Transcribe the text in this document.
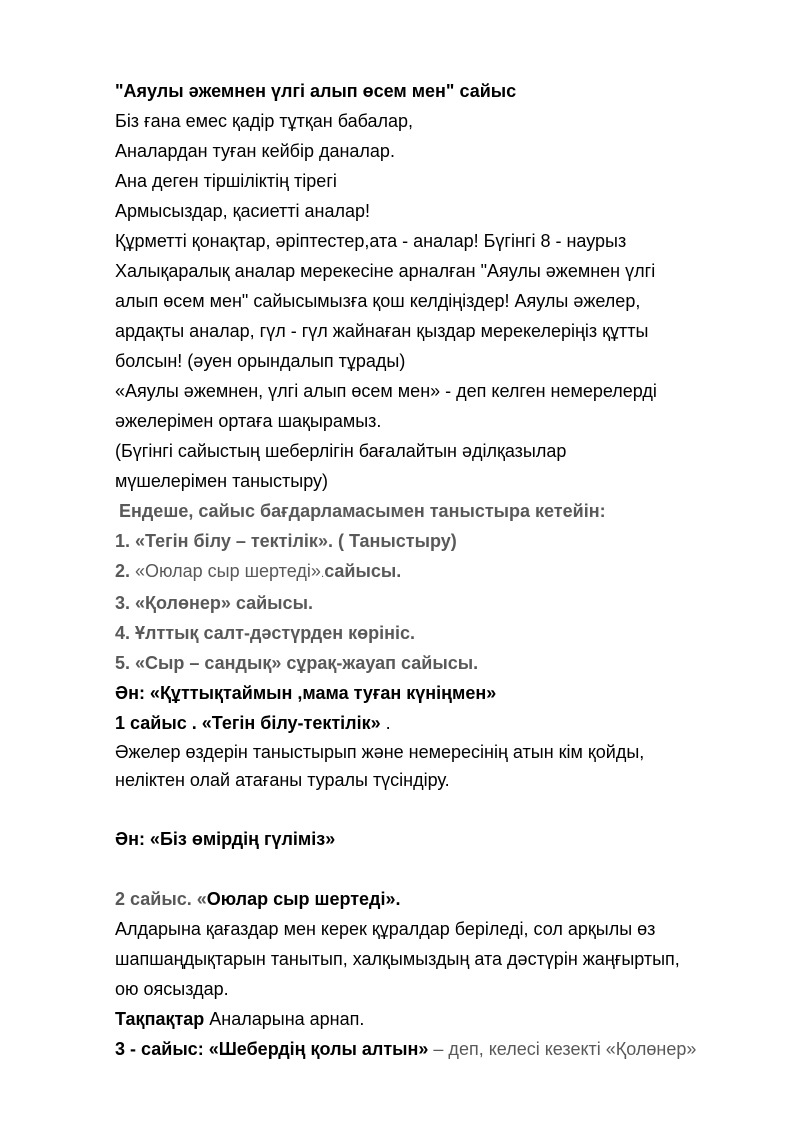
"Аяулы әжемнен үлгі алып өсем мен" сайыс

Біз ғана емес қадір тұтқан бабалар,

Аналардан туған кейбір даналар.

Ана деген тіршіліктің тірегі

Армысыздар, қасиетті аналар!

Құрметті қонақтар, әріптестер,ата - аналар! Бүгінгі 8 - наурыз

Халықаралық аналар мерекесіне арналған "Аяулы әжемнен үлгі

алып өсем мен" сайысымызға қош келдіңіздер! Аяулы әжелер,

ардақты аналар, гүл - гүл жайнаған қыздар мерекелеріңіз құтты

болсын! (әуен орындалып тұрады)

«Аяулы әжемнен, үлгі алып өсем мен» - деп келген немерелерді

әжелерімен ортаға шақырамыз.

(Бүгінгі сайыстың шеберлігін бағалайтын әділқазылар

мүшелерімен таныстыру)

Ендеше, сайыс бағдарламасымен таныстыра кетейін:

1. «Тегін білу – тектілік». ( Таныстыру)

2. «Оюлар сыр шертеді».сайысы.

3. «Қолөнер» сайысы.

4. Ұлттық салт-дәстүрден көрініс.

5. «Сыр – сандық» сұрақ-жауап сайысы.

Ән: «Құттықтаймын ,мама туған күніңмен»

1 сайыс . «Тегін білу-тектілік» .

Әжелер өздерін таныстырып және немересінің атын кім қойды,

неліктен олай атағаны туралы түсіндіру.

Ән: «Біз өмірдің гүліміз»

2 сайыс. «Оюлар сыр шертеді».

Алдарына қағаздар мен керек құралдар беріледі, сол арқылы өз

шапшаңдықтарын танытып, халқымыздың ата дәстүрін жаңғыртып,

ою оясыздар.

Тақпақтар Аналарына арнап.

3 - сайыс: «Шебердің қолы алтын» – деп, келесі кезекті «Қолөнер»
